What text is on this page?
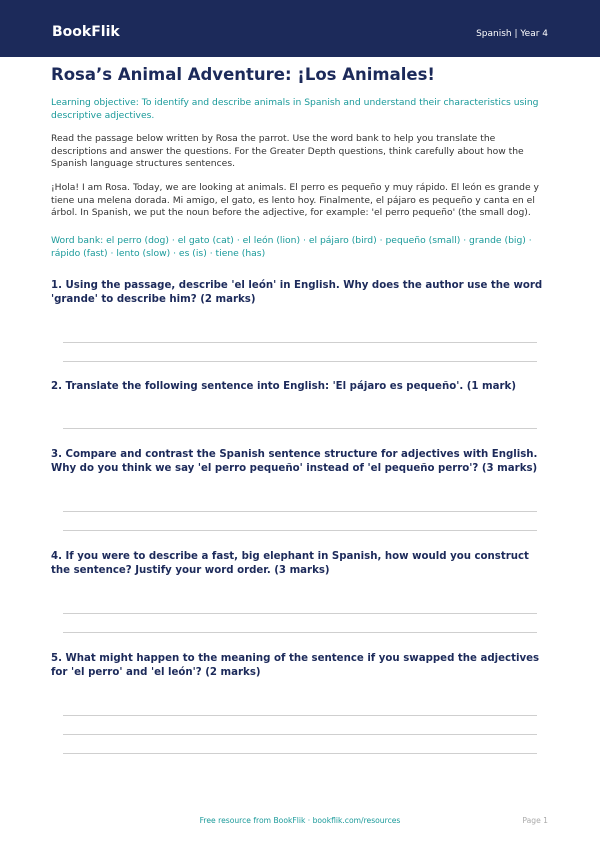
BookFlik	Spanish | Year 4
Rosa’s Animal Adventure: ¡Los Animales!
Learning objective: To identify and describe animals in Spanish and understand their characteristics using descriptive adjectives.
Read the passage below written by Rosa the parrot. Use the word bank to help you translate the descriptions and answer the questions. For the Greater Depth questions, think carefully about how the Spanish language structures sentences.
¡Hola! I am Rosa. Today, we are looking at animals. El perro es pequeño y muy rápido. El león es grande y tiene una melena dorada. Mi amigo, el gato, es lento hoy. Finalmente, el pájaro es pequeño y canta en el árbol. In Spanish, we put the noun before the adjective, for example: 'el perro pequeño' (the small dog).
Word bank: el perro (dog) · el gato (cat) · el león (lion) · el pájaro (bird) · pequeño (small) · grande (big) · rápido (fast) · lento (slow) · es (is) · tiene (has)
1. Using the passage, describe 'el león' in English. Why does the author use the word 'grande' to describe him? (2 marks)
2. Translate the following sentence into English: 'El pájaro es pequeño'. (1 mark)
3. Compare and contrast the Spanish sentence structure for adjectives with English. Why do you think we say 'el perro pequeño' instead of 'el pequeño perro'? (3 marks)
4. If you were to describe a fast, big elephant in Spanish, how would you construct the sentence? Justify your word order. (3 marks)
5. What might happen to the meaning of the sentence if you swapped the adjectives for 'el perro' and 'el león'? (2 marks)
Free resource from BookFlik · bookflik.com/resources	Page 1
